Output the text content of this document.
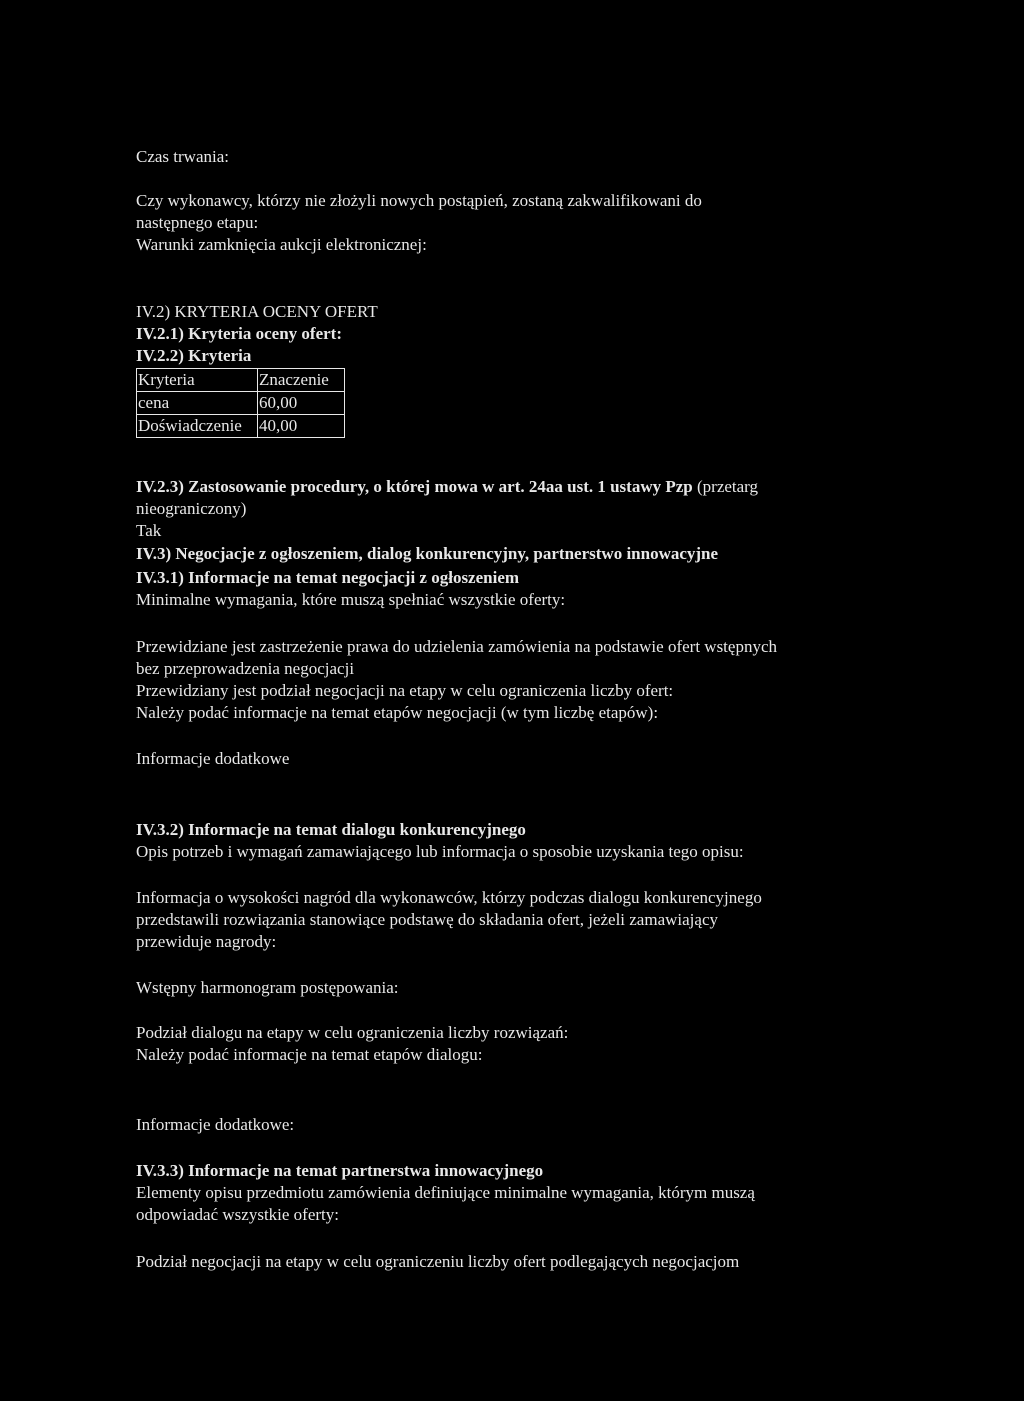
Czas trwania:
Czy wykonawcy, którzy nie złożyli nowych postąpień, zostaną zakwalifikowani do
następnego etapu:
Warunki zamknięcia aukcji elektronicznej:
IV.2) KRYTERIA OCENY OFERT
IV.2.1) Kryteria oceny ofert:
IV.2.2) Kryteria
Kryteria	Znaczenie
cena	60,00
Doświadczenie	40,00
IV.2.3) Zastosowanie procedury, o której mowa w art. 24aa ust. 1 ustawy Pzp (przetarg
nieograniczony)
Tak
IV.3) Negocjacje z ogłoszeniem, dialog konkurencyjny, partnerstwo innowacyjne
IV.3.1) Informacje na temat negocjacji z ogłoszeniem
Minimalne wymagania, które muszą spełniać wszystkie oferty:
Przewidziane jest zastrzeżenie prawa do udzielenia zamówienia na podstawie ofert wstępnych
bez przeprowadzenia negocjacji
Przewidziany jest podział negocjacji na etapy w celu ograniczenia liczby ofert:
Należy podać informacje na temat etapów negocjacji (w tym liczbę etapów):
Informacje dodatkowe
IV.3.2) Informacje na temat dialogu konkurencyjnego
Opis potrzeb i wymagań zamawiającego lub informacja o sposobie uzyskania tego opisu:
Informacja o wysokości nagród dla wykonawców, którzy podczas dialogu konkurencyjnego
przedstawili rozwiązania stanowiące podstawę do składania ofert, jeżeli zamawiający
przewiduje nagrody:
Wstępny harmonogram postępowania:
Podział dialogu na etapy w celu ograniczenia liczby rozwiązań:
Należy podać informacje na temat etapów dialogu:
Informacje dodatkowe:
IV.3.3) Informacje na temat partnerstwa innowacyjnego
Elementy opisu przedmiotu zamówienia definiujące minimalne wymagania, którym muszą
odpowiadać wszystkie oferty:
Podział negocjacji na etapy w celu ograniczeniu liczby ofert podlegających negocjacjom
